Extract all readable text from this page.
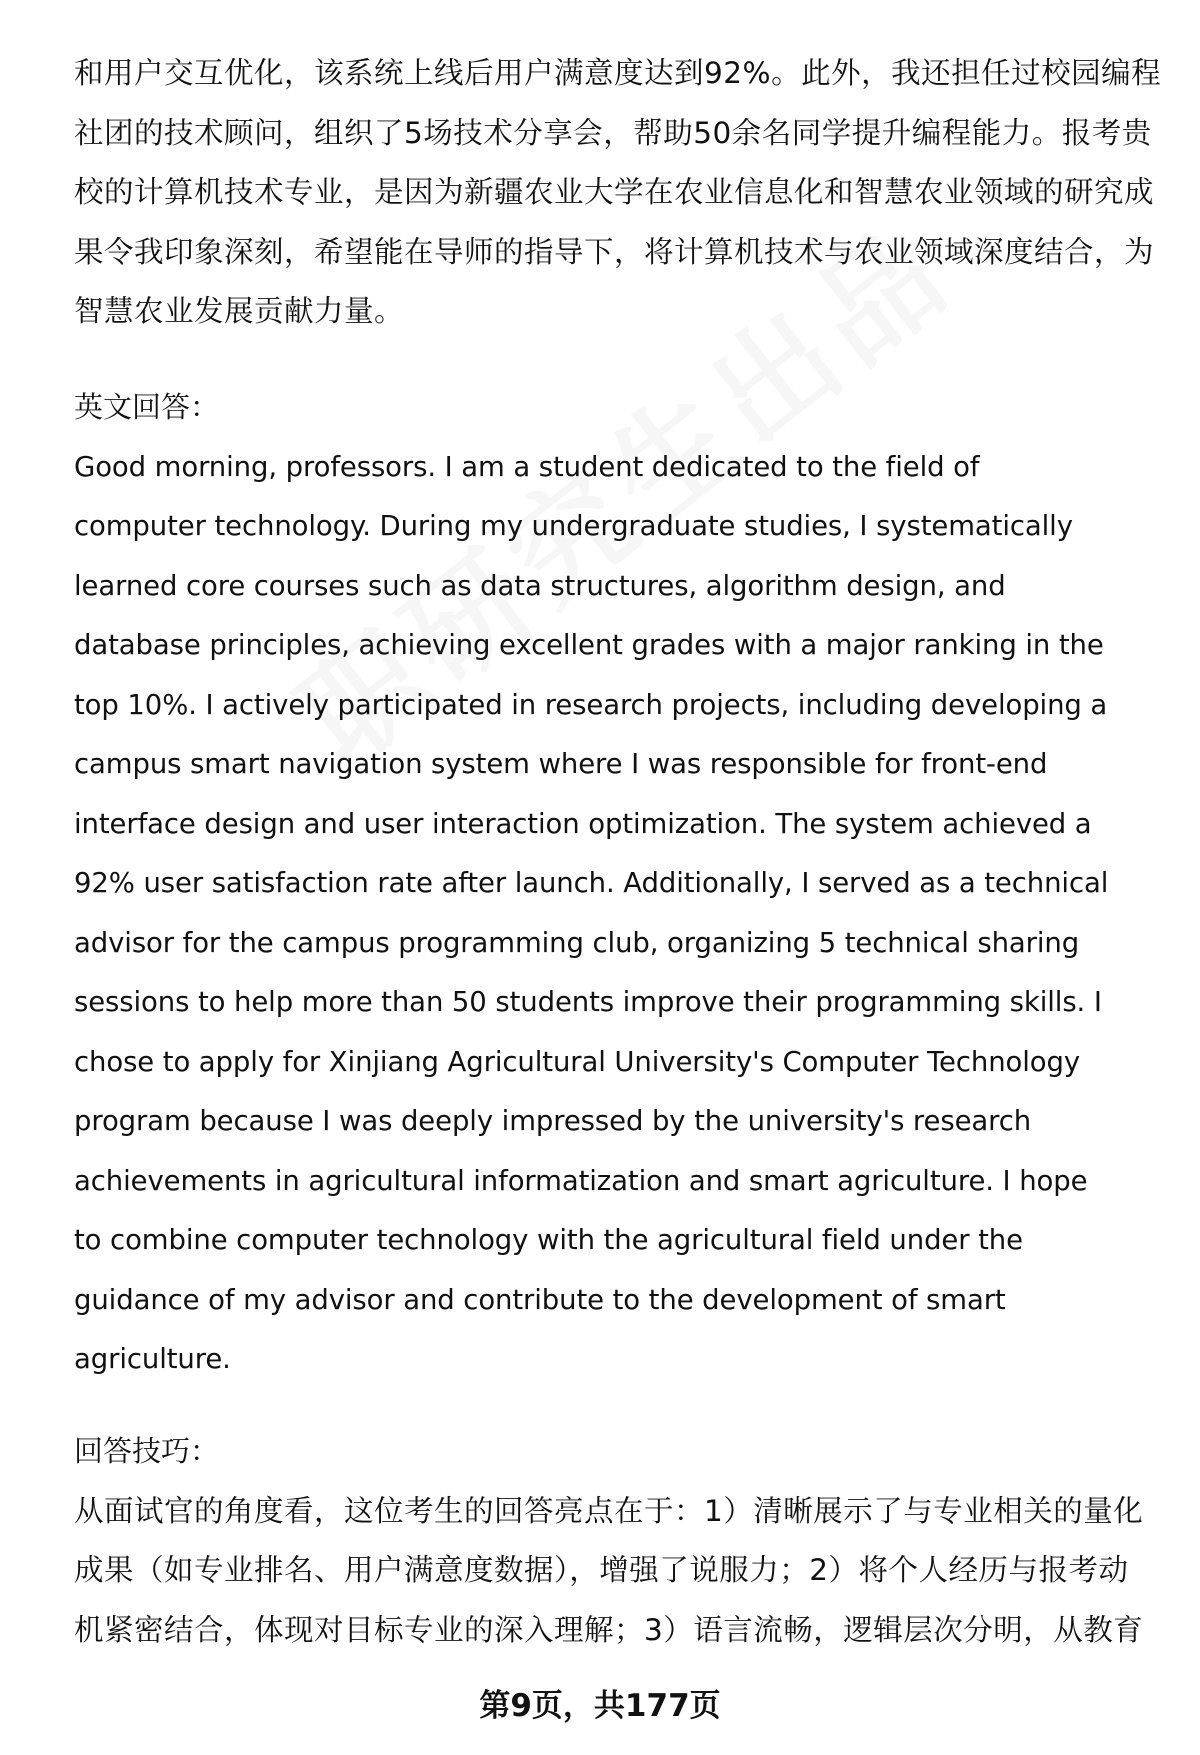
和用户交互优化，该系统上线后用户满意度达到92%。此外，我还担任过校园编程
社团的技术顾问，组织了5场技术分享会，帮助50余名同学提升编程能力。报考贵
校的计算机技术专业，是因为新疆农业大学在农业信息化和智慧农业领域的研究成
果令我印象深刻，希望能在导师的指导下，将计算机技术与农业领域深度结合，为
智慧农业发展贡献力量。
英文回答：
Good morning, professors. I am a student dedicated to the field of
computer technology. During my undergraduate studies, I systematically
learned core courses such as data structures, algorithm design, and
database principles, achieving excellent grades with a major ranking in the
top 10%. I actively participated in research projects, including developing a
campus smart navigation system where I was responsible for front-end
interface design and user interaction optimization. The system achieved a
92% user satisfaction rate after launch. Additionally, I served as a technical
advisor for the campus programming club, organizing 5 technical sharing
sessions to help more than 50 students improve their programming skills. I
chose to apply for Xinjiang Agricultural University's Computer Technology
program because I was deeply impressed by the university's research
achievements in agricultural informatization and smart agriculture. I hope
to combine computer technology with the agricultural field under the
guidance of my advisor and contribute to the development of smart
agriculture.
回答技巧：
从面试官的角度看，这位考生的回答亮点在于：1）清晰展示了与专业相关的量化
成果（如专业排名、用户满意度数据），增强了说服力；2）将个人经历与报考动
机紧密结合，体现对目标专业的深入理解；3）语言流畅，逻辑层次分明，从教育
第9页，共177页
